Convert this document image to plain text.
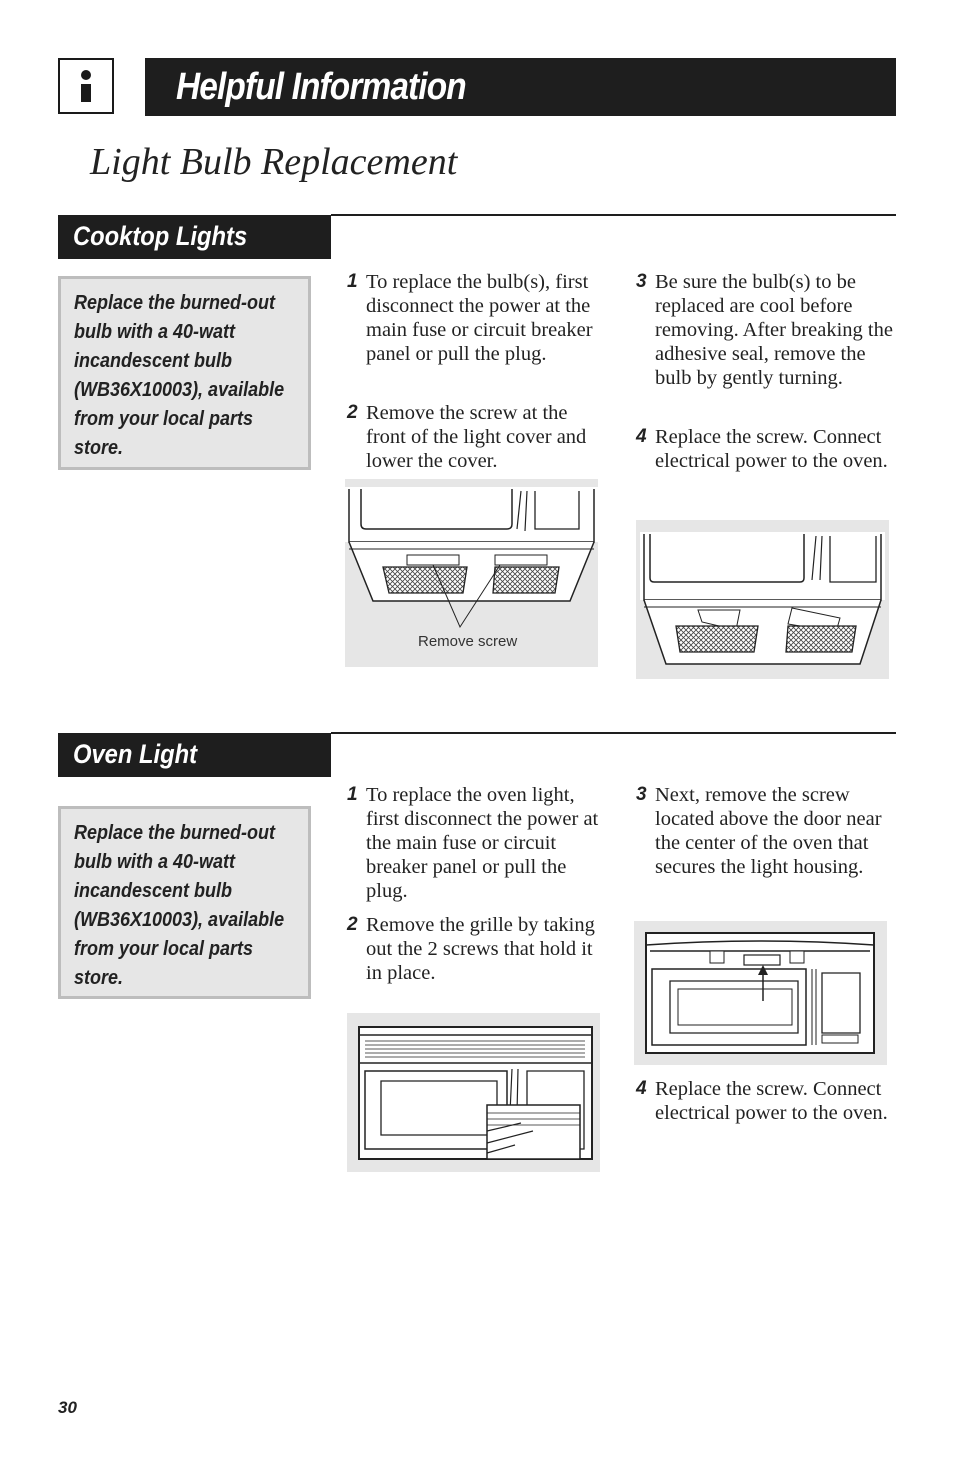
Helpful Information
Light Bulb Replacement
Cooktop Lights
Replace the burned-out bulb with a 40-watt incandescent bulb (WB36X10003), available from your local parts store.
1 To replace the bulb(s), first disconnect the power at the main fuse or circuit breaker panel or pull the plug.
2 Remove the screw at the front of the light cover and lower the cover.
3 Be sure the bulb(s) to be replaced are cool before removing. After breaking the adhesive seal, remove the bulb by gently turning.
4 Replace the screw. Connect electrical power to the oven.
Remove screw
Oven Light
Replace the burned-out bulb with a 40-watt incandescent bulb (WB36X10003), available from your local parts store.
1 To replace the oven light, first disconnect the power at the main fuse or circuit breaker panel or pull the plug.
2 Remove the grille by taking out the 2 screws that hold it in place.
3 Next, remove the screw located above the door near the center of the oven that secures the light housing.
4 Replace the screw. Connect electrical power to the oven.
30
